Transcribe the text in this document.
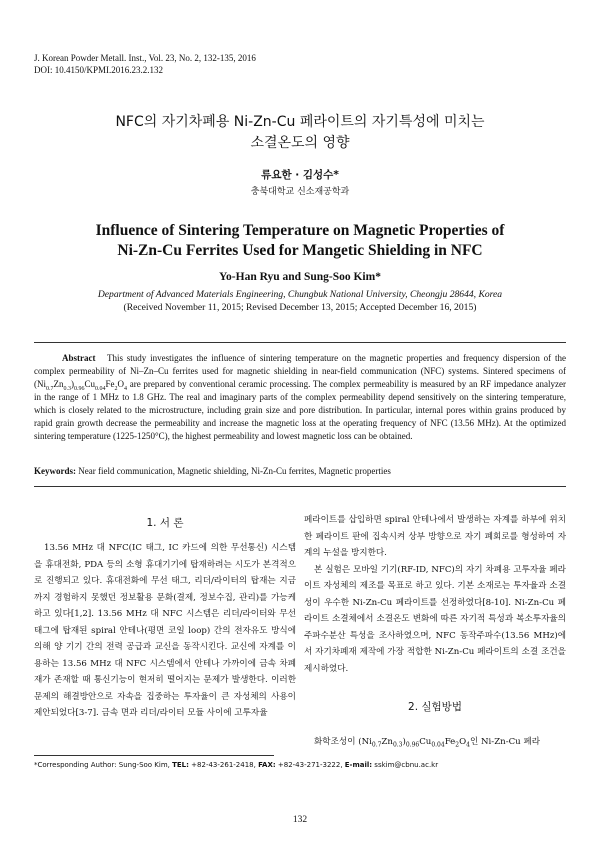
J. Korean Powder Metall. Inst., Vol. 23, No. 2, 132-135, 2016
DOI: 10.4150/KPMI.2016.23.2.132
NFC의 자기차폐용 Ni-Zn-Cu 페라이트의 자기특성에 미치는
소결온도의 영향
류요한 · 김성수*
충북대학교 신소재공학과
Influence of Sintering Temperature on Magnetic Properties of
Ni-Zn-Cu Ferrites Used for Mangetic Shielding in NFC
Yo-Han Ryu and Sung-Soo Kim*
Department of Advanced Materials Engineering, Chungbuk National University, Cheongju 28644, Korea
(Received November 11, 2015; Revised December 13, 2015; Accepted December 16, 2015)
Abstract This study investigates the influence of sintering temperature on the magnetic properties and frequency dispersion of the complex permeability of Ni–Zn–Cu ferrites used for magnetic shielding in near-field communication (NFC) systems. Sintered specimens of $(Ni_{0.7}Zn_{0.3})_{0.96}Cu_{0.04}Fe_2O_4$ are prepared by conventional ceramic processing. The complex permeability is measured by an RF impedance analyzer in the range of 1 MHz to 1.8 GHz. The real and imaginary parts of the complex permeability depend sensitively on the sintering temperature, which is closely related to the microstructure, including grain size and pore distribution. In particular, internal pores within grains produced by rapid grain growth decrease the permeability and increase the magnetic loss at the operating frequency of NFC (13.56 MHz). At the optimized sintering temperature (1225-1250°C), the highest permeability and lowest magnetic loss can be obtained.
Keywords: Near field communication, Magnetic shielding, Ni-Zn-Cu ferrites, Magnetic properties
1. 서 론

13.56 MHz 대 NFC(IC 태그, IC 카드에 의한 무선통신) 시스템을 휴대전화, PDA 등의 소형 휴대기기에 탑재하려는 시도가 본격적으로 진행되고 있다. 휴대전화에 무선 태그, 리더/라이터의 탑재는 지금까지 경험하지 못했던 정보활용 문화(결제, 정보수집, 관리)를 가능케 하고 있다[1,2]. 13.56 MHz 대 NFC 시스템은 리더/라이터와 무선태그에 탑재된 spiral 안테나(평면 코일 loop) 간의 전자유도 방식에 의해 양 기기 간의 전력 공급과 교신을 동작시킨다. 교신에 자계를 이용하는 13.56 MHz 대 NFC 시스템에서 안테나 가까이에 금속 차폐재가 존재할 때 통신기능이 현저히 떨어지는 문제가 발생한다. 이러한 문제의 해결방안으로 자속을 집중하는 투자율이 큰 자성체의 사용이 제안되었다[3-7]. 금속 면과 리더/라이터 모듈 사이에 고투자율

페라이트를 삽입하면 spiral 안테나에서 발생하는 자계를 하부에 위치한 페라이트 판에 집속시켜 상부 방향으로 자기 폐회로를 형성하여 자계의 누설을 방지한다.

본 실험은 모바일 기기(RF-ID, NFC)의 자기 차폐용 고투자율 페라이트 자성체의 제조를 목표로 하고 있다. 기본 소재로는 투자율과 소결성이 우수한 Ni-Zn-Cu 페라이트를 선정하였다[8-10]. Ni-Zn-Cu 페라이트 소결체에서 소결온도 변화에 따른 자기적 특성과 복소투자율의 주파수분산 특성을 조사하였으며, NFC 동작주파수(13.56 MHz)에서 자기차폐재 제작에 가장 적합한 Ni-Zn-Cu 페라이트의 소결 조건을 제시하였다.

2. 실험방법

화학조성이 $(Ni_{0.7}Zn_{0.3})_{0.96}Cu_{0.04}Fe_2O_4$인 Ni-Zn-Cu 페라

*Corresponding Author: Sung-Soo Kim, TEL: +82-43-261-2418, FAX: +82-43-271-3222, E-mail: sskim@cbnu.ac.kr
132
